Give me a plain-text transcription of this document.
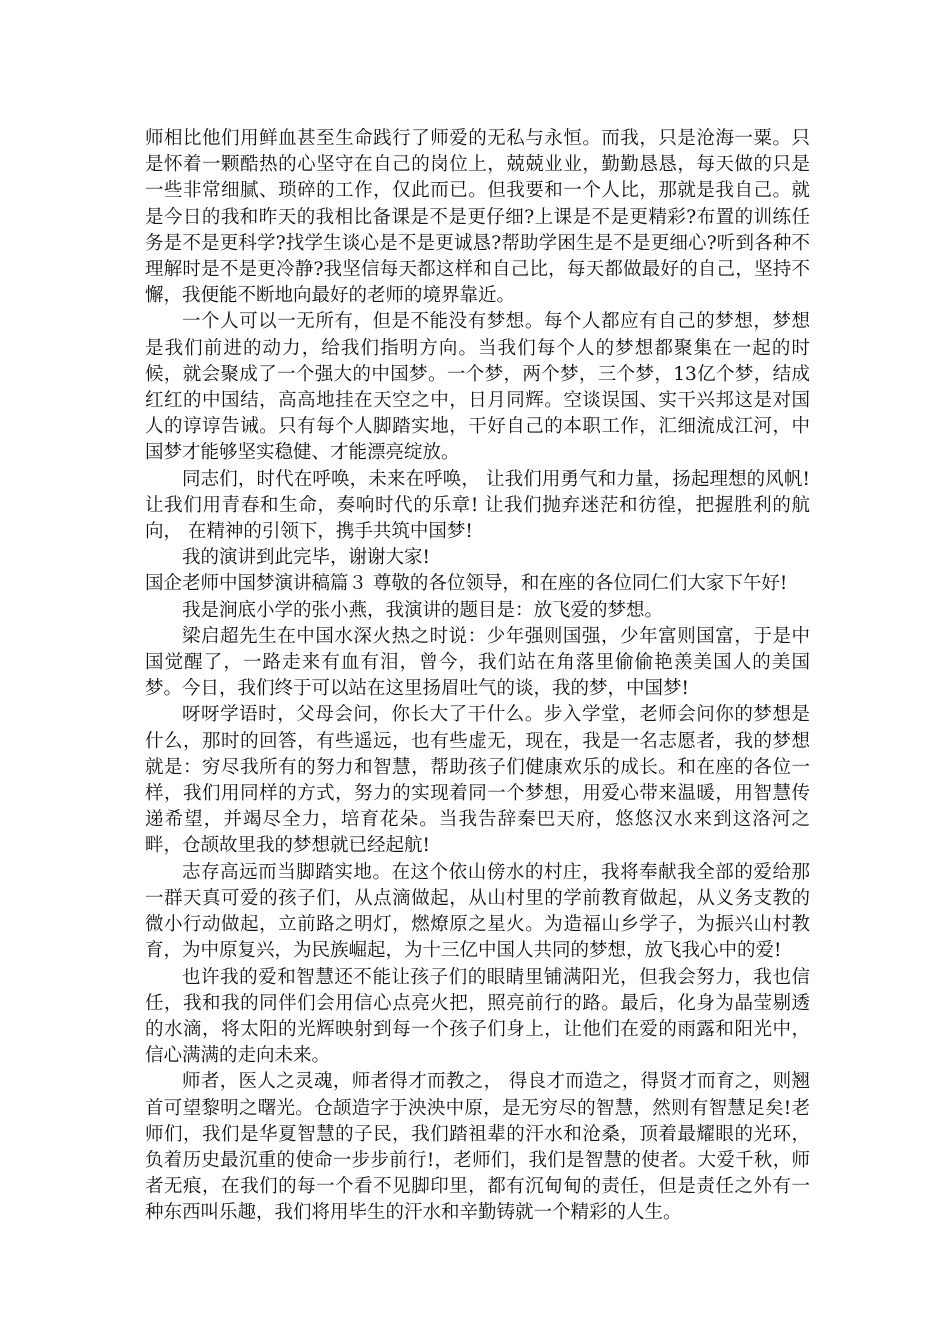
师相比他们用鲜血甚至生命践行了师爱的无私与永恒。而我，只是沧海一粟。只是怀着一颗酷热的心坚守在自己的岗位上，兢兢业业，勤勤恳恳，每天做的只是一些非常细腻、琐碎的工作，仅此而已。但我要和一个人比，那就是我自己。就是今日的我和昨天的我相比备课是不是更仔细?上课是不是更精彩?布置的训练任务是不是更科学?找学生谈心是不是更诚恳?帮助学困生是不是更细心?听到各种不理解时是不是更冷静?我坚信每天都这样和自己比，每天都做最好的自己，坚持不懈，我便能不断地向最好的老师的境界靠近。

一个人可以一无所有，但是不能没有梦想。每个人都应有自己的梦想，梦想是我们前进的动力，给我们指明方向。当我们每个人的梦想都聚集在一起的时候，就会聚成了一个强大的中国梦。一个梦，两个梦，三个梦，13亿个梦，结成红红的中国结，高高地挂在天空之中，日月同辉。空谈误国、实干兴邦这是对国人的谆谆告诫。只有每个人脚踏实地，干好自己的本职工作，汇细流成江河，中国梦才能够坚实稳健、才能漂亮绽放。

同志们，时代在呼唤，未来在呼唤， 让我们用勇气和力量，扬起理想的风帆! 让我们用青春和生命，奏响时代的乐章! 让我们抛弃迷茫和彷徨，把握胜利的航向， 在精神的引领下，携手共筑中国梦!

我的演讲到此完毕，谢谢大家!

国企老师中国梦演讲稿篇３ 尊敬的各位领导，和在座的各位同仁们大家下午好!

我是涧底小学的张小燕，我演讲的题目是：放飞爱的梦想。

梁启超先生在中国水深火热之时说：少年强则国强，少年富则国富，于是中国觉醒了，一路走来有血有泪，曾今，我们站在角落里偷偷艳羡美国人的美国梦。今日，我们终于可以站在这里扬眉吐气的谈，我的梦，中国梦!

呀呀学语时，父母会问，你长大了干什么。步入学堂，老师会问你的梦想是什么，那时的回答，有些遥远，也有些虚无，现在，我是一名志愿者，我的梦想就是：穷尽我所有的努力和智慧，帮助孩子们健康欢乐的成长。和在座的各位一样，我们用同样的方式，努力的实现着同一个梦想，用爱心带来温暖，用智慧传递希望，并竭尽全力，培育花朵。当我告辞秦巴天府，悠悠汉水来到这洛河之畔，仓颉故里我的梦想就已经起航!

志存高远而当脚踏实地。在这个依山傍水的村庄，我将奉献我全部的爱给那一群天真可爱的孩子们，从点滴做起，从山村里的学前教育做起，从义务支教的微小行动做起，立前路之明灯，燃燎原之星火。为造福山乡学子，为振兴山村教育，为中原复兴，为民族崛起，为十三亿中国人共同的梦想，放飞我心中的爱!

也许我的爱和智慧还不能让孩子们的眼睛里铺满阳光，但我会努力，我也信任，我和我的同伴们会用信心点亮火把，照亮前行的路。最后，化身为晶莹剔透的水滴，将太阳的光辉映射到每一个孩子们身上，让他们在爱的雨露和阳光中，信心满满的走向未来。

师者，医人之灵魂，师者得才而教之， 得良才而造之，得贤才而育之，则翘首可望黎明之曙光。仓颉造字于泱泱中原，是无穷尽的智慧，然则有智慧足矣!老师们，我们是华夏智慧的子民，我们踏祖辈的汗水和沧桑，顶着最耀眼的光环，负着历史最沉重的使命一步步前行!，老师们，我们是智慧的使者。大爱千秋，师者无痕，在我们的每一个看不见脚印里，都有沉甸甸的责任，但是责任之外有一种东西叫乐趣，我们将用毕生的汗水和辛勤铸就一个精彩的人生。
